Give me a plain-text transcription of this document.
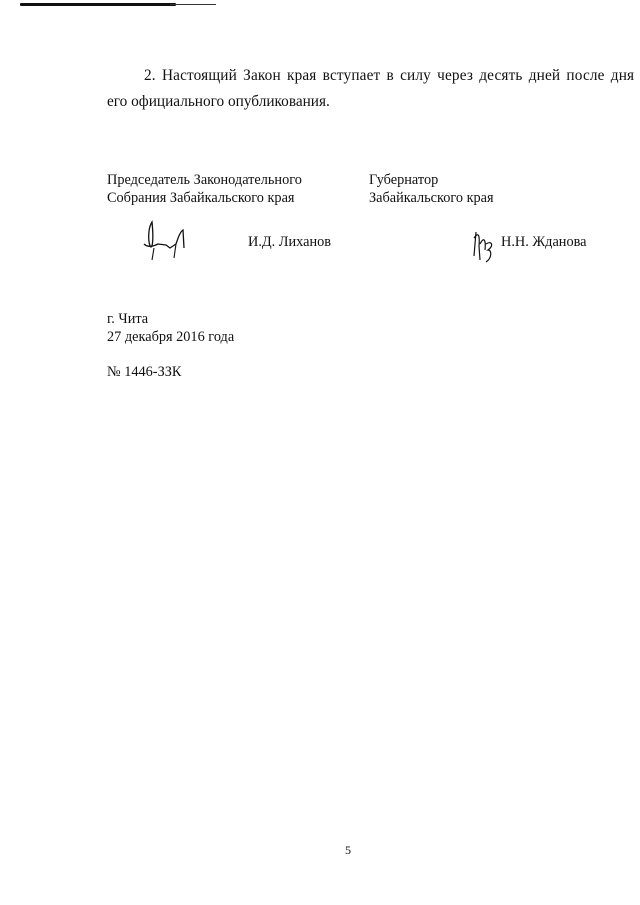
2. Настоящий Закон края вступает в силу через десять дней после дня
его официального опубликования.
Председатель Законодательного
Собрания Забайкальского края
Губернатор
Забайкальского края
И.Д. Лиханов	Н.Н. Жданова
г. Чита
27 декабря 2016 года
№ 1446-ЗЗК
5
